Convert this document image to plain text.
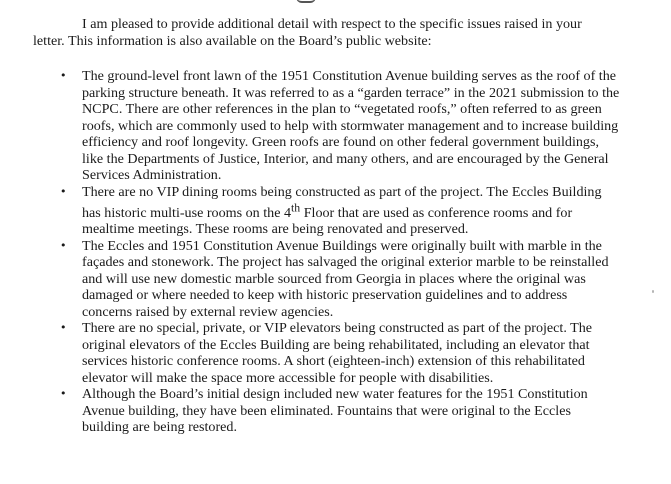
I am pleased to provide additional detail with respect to the specific issues raised in your letter. This information is also available on the Board’s public website:

•	The ground-level front lawn of the 1951 Constitution Avenue building serves as the roof of the parking structure beneath. It was referred to as a “garden terrace” in the 2021 submission to the NCPC. There are other references in the plan to “vegetated roofs,” often referred to as green roofs, which are commonly used to help with stormwater management and to increase building efficiency and roof longevity. Green roofs are found on other federal government buildings, like the Departments of Justice, Interior, and many others, and are encouraged by the General Services Administration.
•	There are no VIP dining rooms being constructed as part of the project. The Eccles Building has historic multi-use rooms on the 4th Floor that are used as conference rooms and for mealtime meetings. These rooms are being renovated and preserved.
•	The Eccles and 1951 Constitution Avenue Buildings were originally built with marble in the façades and stonework. The project has salvaged the original exterior marble to be reinstalled and will use new domestic marble sourced from Georgia in places where the original was damaged or where needed to keep with historic preservation guidelines and to address concerns raised by external review agencies.
•	There are no special, private, or VIP elevators being constructed as part of the project. The original elevators of the Eccles Building are being rehabilitated, including an elevator that services historic conference rooms. A short (eighteen-inch) extension of this rehabilitated elevator will make the space more accessible for people with disabilities.
•	Although the Board’s initial design included new water features for the 1951 Constitution Avenue building, they have been eliminated. Fountains that were original to the Eccles building are being restored.
